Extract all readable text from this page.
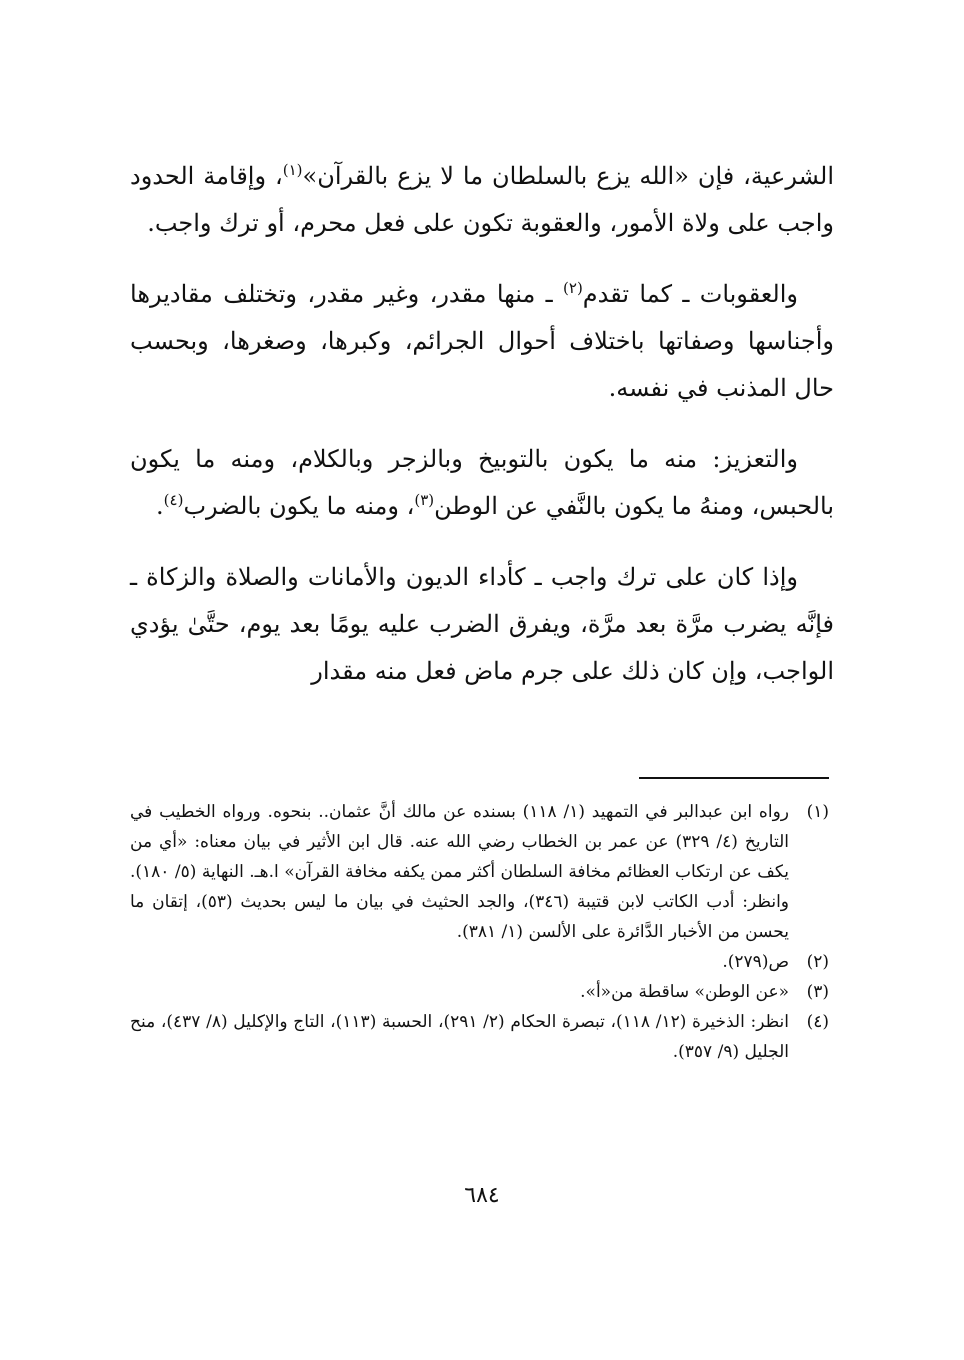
الشرعية، فإن «الله يزع بالسلطان ما لا يزع بالقرآن»$^{(١)}$، وإقامة الحدود واجب على ولاة الأمور، والعقوبة تكون على فعل محرم، أو ترك واجب.

والعقوبات ـ كما تقدم$^{(٢)}$ ـ منها مقدر، وغير مقدر، وتختلف مقاديرها وأجناسها وصفاتها باختلاف أحوال الجرائم، وكبرها، وصغرها، وبحسب حال المذنب في نفسه.

والتعزيز: منه ما يكون بالتوبيخ وبالزجر وبالكلام، ومنه ما يكون بالحبس، ومنهُ ما يكون بالنَّفي عن الوطن$^{(٣)}$، ومنه ما يكون بالضرب$^{(٤)}$.

وإذا كان على ترك واجب ـ كأداء الديون والأمانات والصلاة والزكاة ـ فإنَّه يضرب مرَّة بعد مرَّة، ويفرق الضرب عليه يومًا بعد يوم، حتَّىٰ يؤدي الواجب، وإن كان ذلك على جرم ماض فعل منه مقدار

(١)
رواه ابن عبدالبر في التمهيد (١/ ١١٨) بسنده عن مالك أنَّ عثمان.. بنحوه. ورواه الخطيب في التاريخ (٤/ ٣٢٩) عن عمر بن الخطاب رضي الله عنه. قال ابن الأثير في بيان معناه: «أي من يكف عن ارتكاب العظائم مخافة السلطان أكثر ممن يكفه مخافة القرآن» ا.هـ. النهاية (٥/ ١٨٠). وانظر: أدب الكاتب لابن قتيبة (٣٤٦)، والجد الحثيث في بيان ما ليس بحديث (٥٣)، إتقان ما يحسن من الأخبار الدَّائرة على الألسن (١/ ٣٨١).
(٢)
ص(٢٧٩).
(٣)
«عن الوطن» ساقطة من«أ».
(٤)
انظر: الذخيرة (١٢/ ١١٨)، تبصرة الحكام (٢/ ٢٩١)، الحسبة (١١٣)، التاج والإكليل (٨/ ٤٣٧)، منح الجليل (٩/ ٣٥٧).
٦٨٤
